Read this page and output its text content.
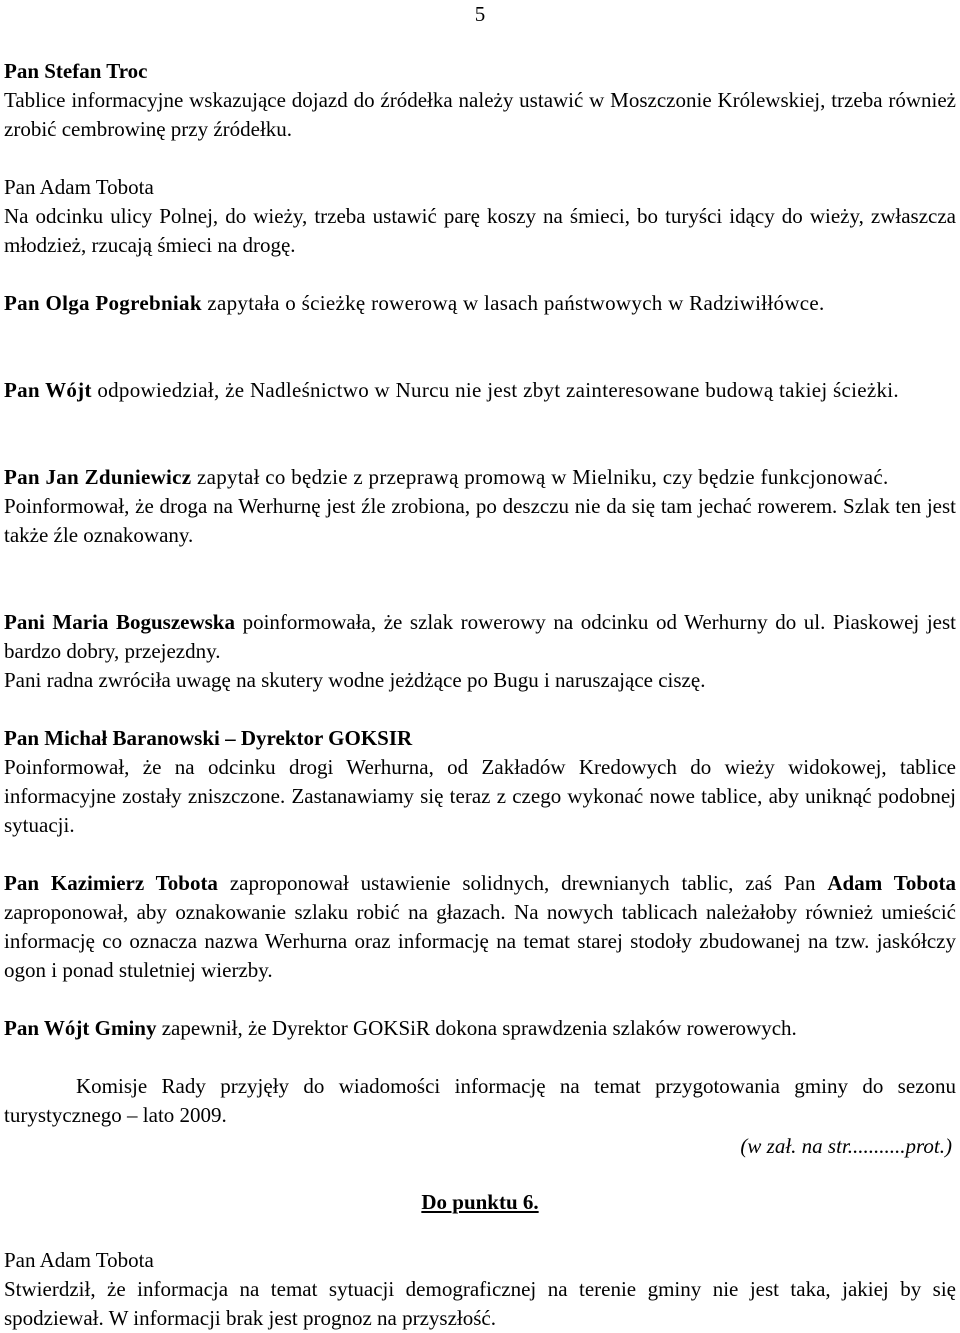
5

Pan Stefan Troc

Tablice informacyjne wskazujące dojazd do źródełka należy ustawić w Moszczonie Królewskiej, trzeba również zrobić cembrowinę przy źródełku.

Pan Adam Tobota

Na odcinku ulicy Polnej, do wieży, trzeba ustawić parę koszy na śmieci, bo turyści idący do wieży, zwłaszcza młodzież, rzucają śmieci na drogę.

Pan Olga Pogrebniak zapytała o ścieżkę rowerową w lasach państwowych w Radziwiłłówce.

Pan Wójt odpowiedział, że Nadleśnictwo w Nurcu nie jest zbyt zainteresowane budową takiej ścieżki.

Pan Jan Zduniewicz zapytał co będzie z przeprawą promową w Mielniku, czy będzie funkcjonować.

Poinformował, że droga na Werhurnę jest źle zrobiona, po deszczu nie da się tam jechać rowerem. Szlak ten jest także źle oznakowany.

Pani Maria Boguszewska poinformowała, że szlak rowerowy na odcinku od Werhurny do ul. Piaskowej jest bardzo dobry, przejezdny.

Pani radna zwróciła uwagę na skutery wodne jeżdżące po Bugu i naruszające ciszę.

Pan Michał Baranowski – Dyrektor GOKSIR

Poinformował, że na odcinku drogi Werhurna, od Zakładów Kredowych do wieży widokowej, tablice informacyjne zostały zniszczone. Zastanawiamy się teraz z czego wykonać nowe tablice, aby uniknąć podobnej sytuacji.

Pan Kazimierz Tobota zaproponował ustawienie solidnych, drewnianych tablic, zaś Pan Adam Tobota zaproponował, aby oznakowanie szlaku robić na głazach. Na nowych tablicach należałoby również umieścić informację co oznacza nazwa Werhurna oraz informację na temat starej stodoły zbudowanej na tzw. jaskółczy ogon i ponad stuletniej wierzby.

Pan Wójt Gminy zapewnił, że Dyrektor GOKSiR dokona sprawdzenia szlaków rowerowych.

Komisje Rady przyjęły do wiadomości informację na temat przygotowania gminy do sezonu turystycznego – lato 2009.

(w zał. na str...........prot.)

Do punktu 6.

Pan Adam Tobota

Stwierdził, że informacja na temat sytuacji demograficznej na terenie gminy nie jest taka, jakiej by się spodziewał. W informacji brak jest prognoz na przyszłość.
